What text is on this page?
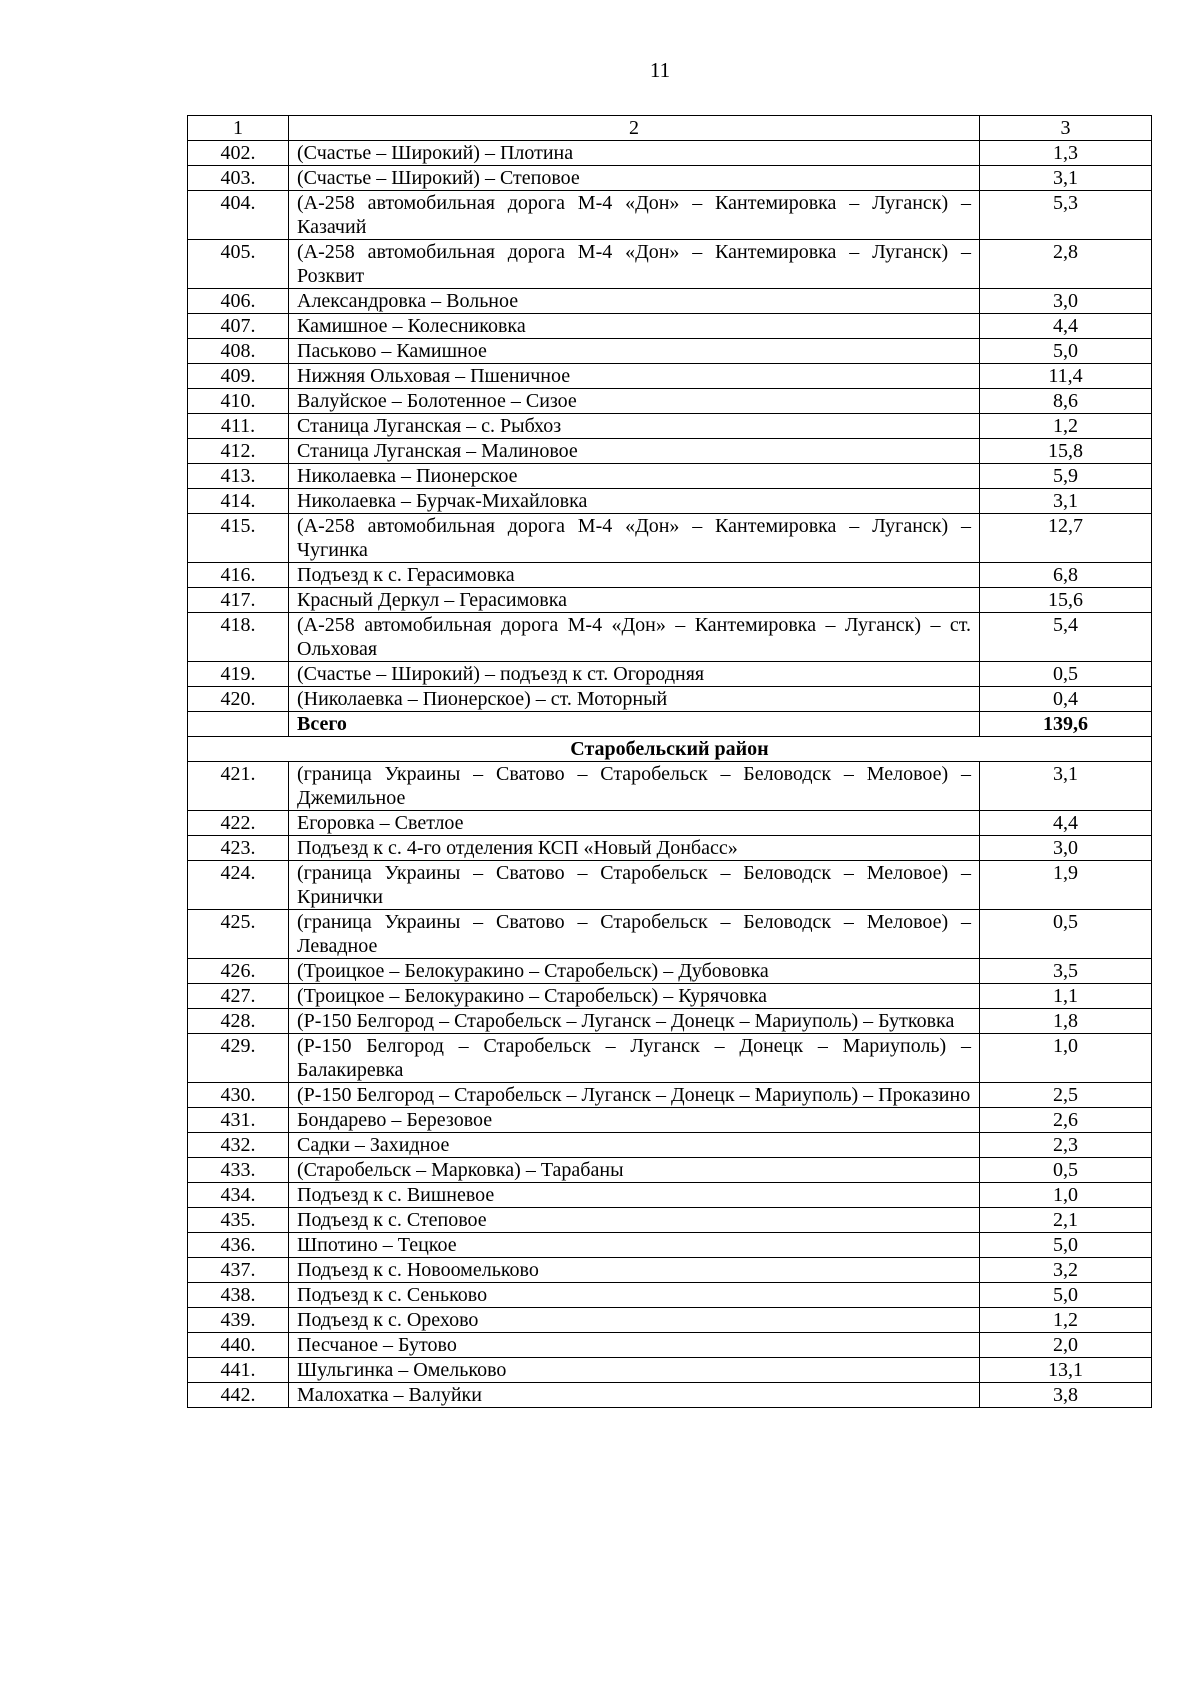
11
1	2	3
402.	(Счастье – Широкий) – Плотина	1,3
403.	(Счастье – Широкий) – Степовое	3,1
404.	(А-258 автомобильная дорога М-4 «Дон» – Кантемировка – Луганск) – Казачий	5,3
405.	(А-258 автомобильная дорога М-4 «Дон» – Кантемировка – Луганск) – Розквит	2,8
406.	Александровка – Вольное	3,0
407.	Камишное – Колесниковка	4,4
408.	Паськово – Камишное	5,0
409.	Нижняя Ольховая – Пшеничное	11,4
410.	Валуйское – Болотенное – Сизое	8,6
411.	Станица Луганская – с. Рыбхоз	1,2
412.	Станица Луганская – Малиновое	15,8
413.	Николаевка – Пионерское	5,9
414.	Николаевка – Бурчак-Михайловка	3,1
415.	(А-258 автомобильная дорога М-4 «Дон» – Кантемировка – Луганск) – Чугинка	12,7
416.	Подъезд к с. Герасимовка	6,8
417.	Красный Деркул – Герасимовка	15,6
418.	(А-258 автомобильная дорога М-4 «Дон» – Кантемировка – Луганск) – ст. Ольховая	5,4
419.	(Счастье – Широкий) – подъезд к ст. Огородняя	0,5
420.	(Николаевка – Пионерское) – ст. Моторный	0,4
	Всего	139,6
Старобельский район		
421.	(граница Украины – Сватово – Старобельск – Беловодск – Меловое) – Джемильное	3,1
422.	Егоровка – Светлое	4,4
423.	Подъезд к с. 4-го отделения КСП «Новый Донбасс»	3,0
424.	(граница Украины – Сватово – Старобельск – Беловодск – Меловое) – Кринички	1,9
425.	(граница Украины – Сватово – Старобельск – Беловодск – Меловое) – Левадное	0,5
426.	(Троицкое – Белокуракино – Старобельск) – Дубововка	3,5
427.	(Троицкое – Белокуракино – Старобельск) – Курячовка	1,1
428.	(Р-150 Белгород – Старобельск – Луганск – Донецк – Мариуполь) – Бутковка	1,8
429.	(Р-150 Белгород – Старобельск – Луганск – Донецк – Мариуполь) – Балакиревка	1,0
430.	(Р-150 Белгород – Старобельск – Луганск – Донецк – Мариуполь) – Проказино	2,5
431.	Бондарево – Березовое	2,6
432.	Садки – Захидное	2,3
433.	(Старобельск – Марковка) – Тарабаны	0,5
434.	Подъезд к с. Вишневое	1,0
435.	Подъезд к с. Степовое	2,1
436.	Шпотино – Тецкое	5,0
437.	Подъезд к с. Новоомельково	3,2
438.	Подъезд к с. Сеньково	5,0
439.	Подъезд к с. Орехово	1,2
440.	Песчаное – Бутово	2,0
441.	Шульгинка – Омельково	13,1
442.	Малохатка – Валуйки	3,8
